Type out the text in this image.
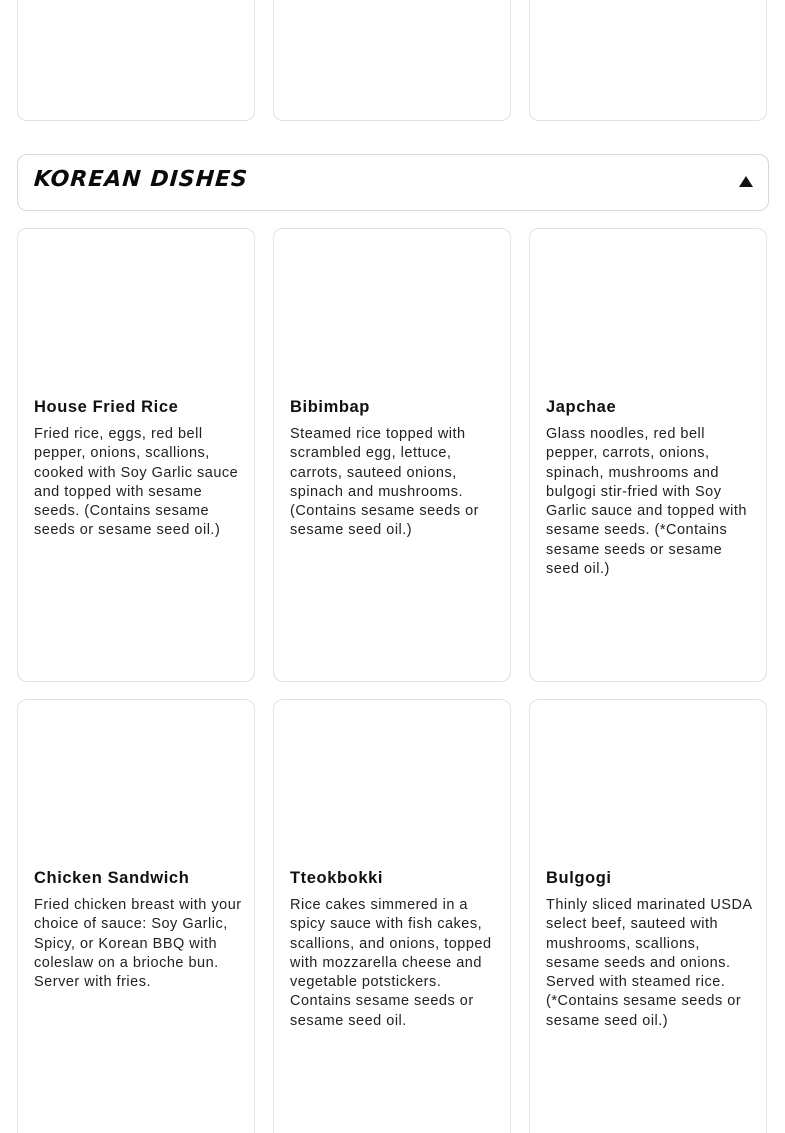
KOREAN DISHES
House Fried Rice

Fried rice, eggs, red bell pepper, onions, scallions, cooked with Soy Garlic sauce and topped with sesame seeds. (Contains sesame seeds or sesame seed oil.)

Bibimbap

Steamed rice topped with scrambled egg, lettuce, carrots, sauteed onions, spinach and mushrooms. (Contains sesame seeds or sesame seed oil.)

Japchae

Glass noodles, red bell pepper, carrots, onions, spinach, mushrooms and bulgogi stir-fried with Soy Garlic sauce and topped with sesame seeds. (*Contains sesame seeds or sesame seed oil.)

Chicken Sandwich

Fried chicken breast with your choice of sauce: Soy Garlic, Spicy, or Korean BBQ with coleslaw on a brioche bun. Server with fries.

Tteokbokki

Rice cakes simmered in a spicy sauce with fish cakes, scallions, and onions, topped with mozzarella cheese and vegetable potstickers. Contains sesame seeds or sesame seed oil.

Bulgogi

Thinly sliced marinated USDA select beef, sauteed with mushrooms, scallions, sesame seeds and onions. Served with steamed rice. (*Contains sesame seeds or sesame seed oil.)
